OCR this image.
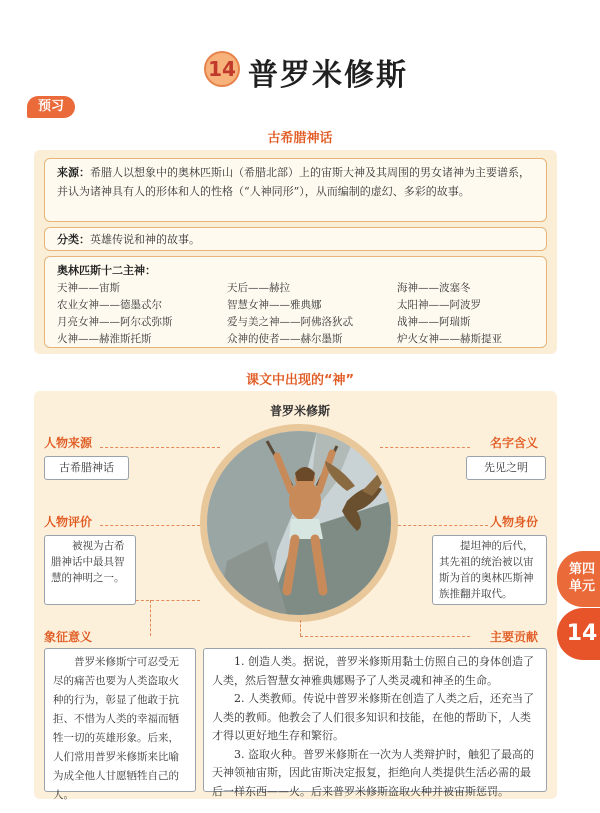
14 普罗米修斯
预习
古希腊神话
来源：希腊人以想象中的奥林匹斯山（希腊北部）上的宙斯大神及其周围的男女诸神为主要谱系，并认为诸神具有人的形体和人的性格（“人神同形”），从而编制的虚幻、多彩的故事。
分类：英雄传说和神的故事。
奥林匹斯十二主神：
天神——宙斯	天后——赫拉	海神——波塞冬
农业女神——德墨忒尔	智慧女神——雅典娜	太阳神——阿波罗
月亮女神——阿尔忒弥斯	爱与美之神——阿佛洛狄忒	战神——阿瑞斯
火神——赫淮斯托斯	众神的使者——赫尔墨斯	炉火女神——赫斯提亚
课文中出现的“神”
普罗米修斯
人物来源
古希腊神话
名字含义
先见之明
人物评价
被视为古希腊神话中最具智慧的神明之一。
人物身份
提坦神的后代，其先祖的统治被以宙斯为首的奥林匹斯神族推翻并取代。
象征意义
普罗米修斯宁可忍受无尽的痛苦也要为人类盗取火种的行为，彰显了他敢于抗拒、不惜为人类的幸福而牺牲一切的英雄形象。后来，人们常用普罗米修斯来比喻为成全他人甘愿牺牲自己的人。
主要贡献

1. 创造人类。据说，普罗米修斯用黏土仿照自己的身体创造了人类，然后智慧女神雅典娜赐予了人类灵魂和神圣的生命。

2. 人类教师。传说中普罗米修斯在创造了人类之后，还充当了人类的教师。他教会了人们很多知识和技能，在他的帮助下，人类才得以更好地生存和繁衍。

3. 盗取火种。普罗米修斯在一次为人类辩护时，触犯了最高的天神领袖宙斯，因此宙斯决定报复，拒绝向人类提供生活必需的最后一样东西——火。后来普罗米修斯盗取火种并被宙斯惩罚。

第四单元
14
